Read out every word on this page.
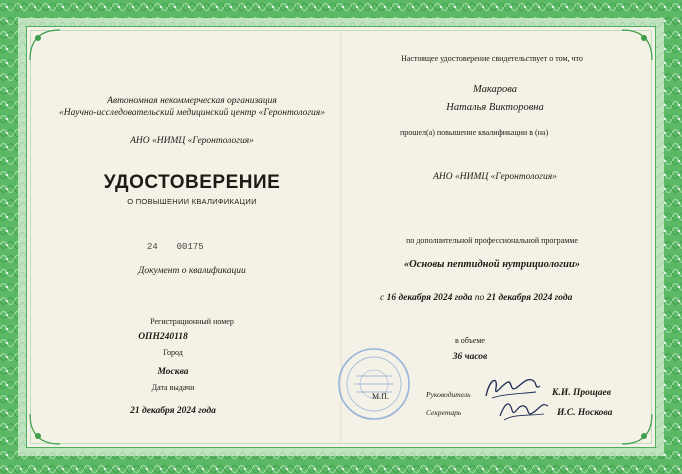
Автономная некоммерческая организация
«Научно-исследовательский медицинский центр «Геронтология»
АНО «НИМЦ «Геронтология»
УДОСТОВЕРЕНИЕ
О ПОВЫШЕНИИ КВАЛИФИКАЦИИ
24 00175
Документ о квалификации
Регистрационный номер
ОПН240118
Город
Москва
Дата выдачи
21 декабря 2024 года
Настоящее удостоверение свидетельствует о том, что
Макарова
Наталья Викторовна
прошел(а) повышение квалификации в (на)
АНО «НИМЦ «Геронтология»
по дополнительной профессиональной программе
«Основы пептидной нутрициологии»
с 16 декабря 2024 года по 21 декабря 2024 года
в объеме
36 часов
М.П.	Руководитель
Секретарь
К.И. Прощаев
И.С. Носкова
